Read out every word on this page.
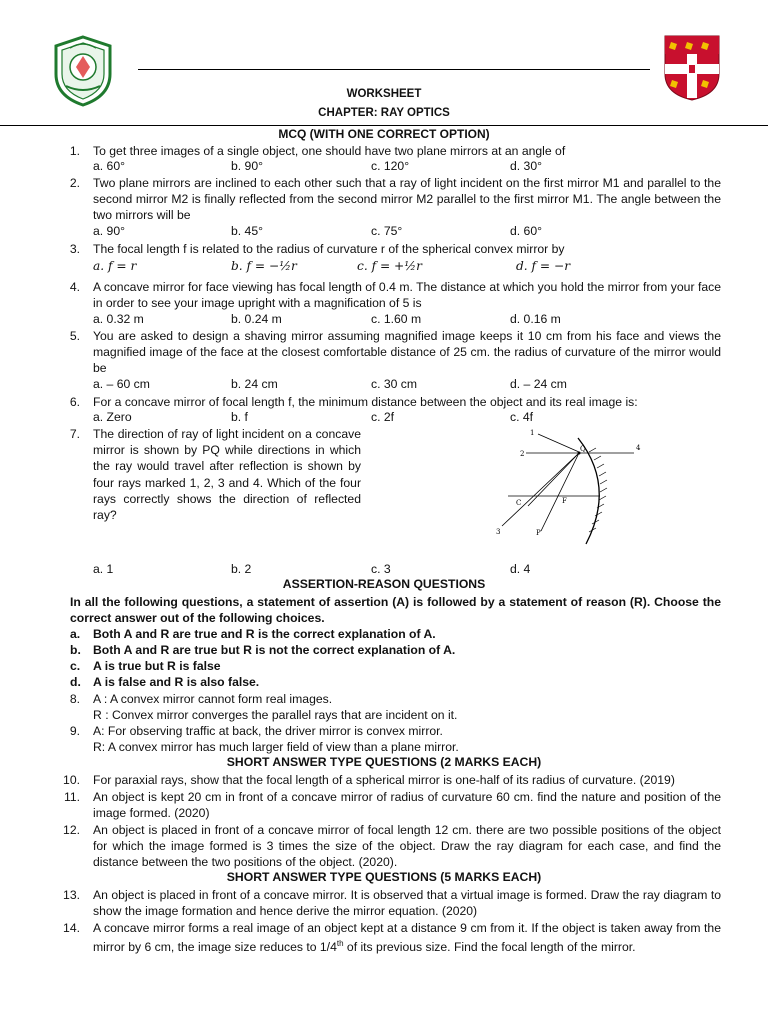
WORKSHEET
CHAPTER: RAY OPTICS
MCQ (WITH ONE CORRECT OPTION)
1. To get three images of a single object, one should have two plane mirrors at an angle of
a. 60°	b. 90°	c. 120°	d. 30°
2. Two plane mirrors are inclined to each other such that a ray of light incident on the first mirror M1 and parallel to the second mirror M2 is finally reflected from the second mirror M2 parallel to the first mirror M1. The angle between the two mirrors will be
a. 90°	b. 45°	c. 75°	d. 60°
3. The focal length f is related to the radius of curvature r of the spherical convex mirror by
a. f = r	b. f = −½r	c. f = +½r	d. f = −r
4. A concave mirror for face viewing has focal length of 0.4 m. The distance at which you hold the mirror from your face in order to see your image upright with a magnification of 5 is
a. 0.32 m	b. 0.24 m	c. 1.60 m	d. 0.16 m
5. You are asked to design a shaving mirror assuming magnified image keeps it 10 cm from his face and views the magnified image of the face at the closest comfortable distance of 25 cm. the radius of curvature of the mirror would be
a. – 60 cm	b. 24 cm	c. 30 cm	d. – 24 cm
6. For a concave mirror of focal length f, the minimum distance between the object and its real image is:
a. Zero	b. f	c. 2f	c. 4f
7. The direction of ray of light incident on a concave mirror is shown by PQ while directions in which the ray would travel after reflection is shown by four rays marked 1, 2, 3 and 4. Which of the four rays correctly shows the direction of reflected ray?
1
2
3
4
Q
C	F
P
a. 1	b. 2	c. 3	d. 4
ASSERTION-REASON QUESTIONS
In all the following questions, a statement of assertion (A) is followed by a statement of reason (R). Choose the correct answer out of the following choices.
a. Both A and R are true and R is the correct explanation of A.
b. Both A and R are true but R is not the correct explanation of A.
c. A is true but R is false
d. A is false and R is also false.
8. A : A convex mirror cannot form real images.
R : Convex mirror converges the parallel rays that are incident on it.
9. A: For observing traffic at back, the driver mirror is convex mirror.
R: A convex mirror has much larger field of view than a plane mirror.
SHORT ANSWER TYPE QUESTIONS (2 MARKS EACH)
10. For paraxial rays, show that the focal length of a spherical mirror is one-half of its radius of curvature. (2019)
11. An object is kept 20 cm in front of a concave mirror of radius of curvature 60 cm. find the nature and position of the image formed. (2020)
12. An object is placed in front of a concave mirror of focal length 12 cm. there are two possible positions of the object for which the image formed is 3 times the size of the object. Draw the ray diagram for each case, and find the distance between the two positions of the object. (2020).
SHORT ANSWER TYPE QUESTIONS (5 MARKS EACH)
13. An object is placed in front of a concave mirror. It is observed that a virtual image is formed. Draw the ray diagram to show the image formation and hence derive the mirror equation. (2020)
14. A concave mirror forms a real image of an object kept at a distance 9 cm from it. If the object is taken away from the mirror by 6 cm, the image size reduces to 1/4th of its previous size. Find the focal length of the mirror.
